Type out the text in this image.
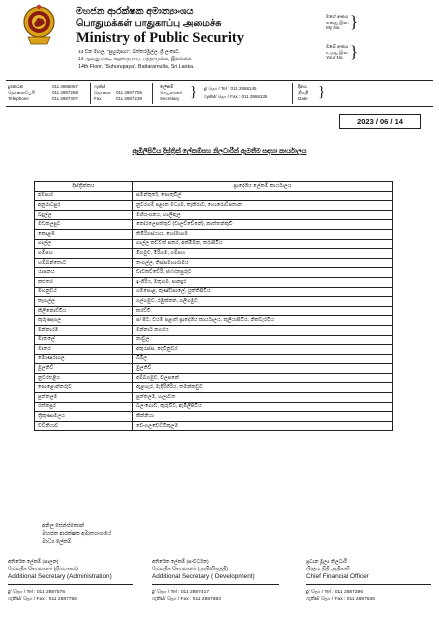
මහජන ආරක්ෂක අමාත්‍යාංශය
பொதுமக்கள் பாதுகாப்பு அமைச்சு
Ministry of Public Security
14 වන මහල, "සුහුරුපාය", බත්තරමුල්ල, ශ්‍රී ලංකාව.
14 ஆவது மாடி, சுஹுருபாய, பத்தரமுல்ல, இலங்கை.
14th Floor, 'Suhurupaya', Battaramulla, Sri Lanka.
මගේ අංකය
எனது இல.
My No. }
ඔබේ අංකය
உமது இல.
Your No. }
දුරකථන
தொலைபேசி
Telephone
011 2886067
011 2887268
011 2887307
ෆැක්ස්
தொலை
Fax
011 2887756
011 2887238
ලේකම්
செயலாளர்
Secretary } දු/ தொ / Tel : 011 2868145
ෆැක්ස්/ தொ / Fax : 011 2868135
දිනය
திகதி
Date }
2023 / 06 / 14
ඈඹිලිපිටිය දිස්ත්‍රික් ලේකම්සහ නිලධාරීන් ඇමතීම සඳහා කාර්යාලය
දිස්ත්‍රික්කය	ප්‍රාදේශීය ලේකම් කාර්යාලය
අම්පාර	සමන්තුරේ, පොතුවිල්
අනුරාධපුර	නුවරගම් පළාත මධ්‍යම, කැකිරාව, හොරොව්පතාන
බදුල්ල	මහියංගනය, හාලිඇල
මඩකලපුව	කෝරලෙපත්තුව (වාලච්චේනේ), කාත්තන්කුඩි
කොළඹ	තිඹිරිගස්යාය, හෝමාගම
ගාල්ල	ගාල්ල කඩවත් සතර, අක්මීමන, කරාපිටිය
ගම්පහ	මීගමුව, මීරිගම, ගම්පහ
හම්බන්තොට	තංගල්ල, තිස්සමහාරාමය
යාපනය	චාවකච්චේරි, ජෆ්ෆ්නපුරුව
කළුතර	ඉංගිරිය, මතුගම, පානදුර
මහනුවර	ගම්පොළ, කුණ්ඩසාලේ, යුක්තිපිටිය
කෑගල්ල	ගල්ගමුව, රඹුක්කන, ගලිගමුව
කිලිනොච්චිය	කරච්චි
කුරුණෑගල	ප/ පිට, වයඹ පළාත් ප්‍රාදේශීය කාර්යාලය, කුලියාපිටිය, නිකවැරටිය
මන්නාරම	මන්නාර් නගරය
මාතලේ	නාවුල
මාතර	අකුරැස්ස, දෙවිනුවර
මොණරාගල	බිබිල
මුලතිව්	මුලතිව්
නුවරඑළිය	අම්බගමුව, වලපනේ
පොළොන්නරුව	ඇළහැර, මැදිරිගිරිය, තමන්කඩුව
පුත්තලම	පුත්තලම, හලාවත
රත්නපුර	බලංගොඩ, කුරුවිට, ඇඹිලිපිටිය
ත්‍රිකුණාමලය	කින්නියා
වව්නියාව	වෙංගලචෙට්ටිකුලම
අනිල ජෙන්ජකොන්
මහජන ආරක්ෂක අමාත්‍යාංශයේ
මාධ්‍ය ලේකම්
අතිරේක ලේකම් (පාලන)
மேலதிக செயலாளர் (நிர்வாகம்)
Additional Secretary (Administration)
දු/ தொ / Tel : 011 2887576
ෆැක්ස්/ தொ / Fax : 011 2887756
අතිරේක ලේකම් (සංවර්ධන)
மேலதிக செயலாளர் (அபிவிருத்தி)
Additional Secretary ( Development)
දු/ தொ / Tel : 011 2887417
ෆැක්ස්/ தொ / Fax : 011 2887683
ප්‍රධාන මූල්‍ය නිලධාරී
பிரதம நிதி அதிகாரி
Chief Financial Officer
දු/ தொ / Tel : 011 2887396
ෆැක්ස්/ தொ / Fax : 011 2887636
